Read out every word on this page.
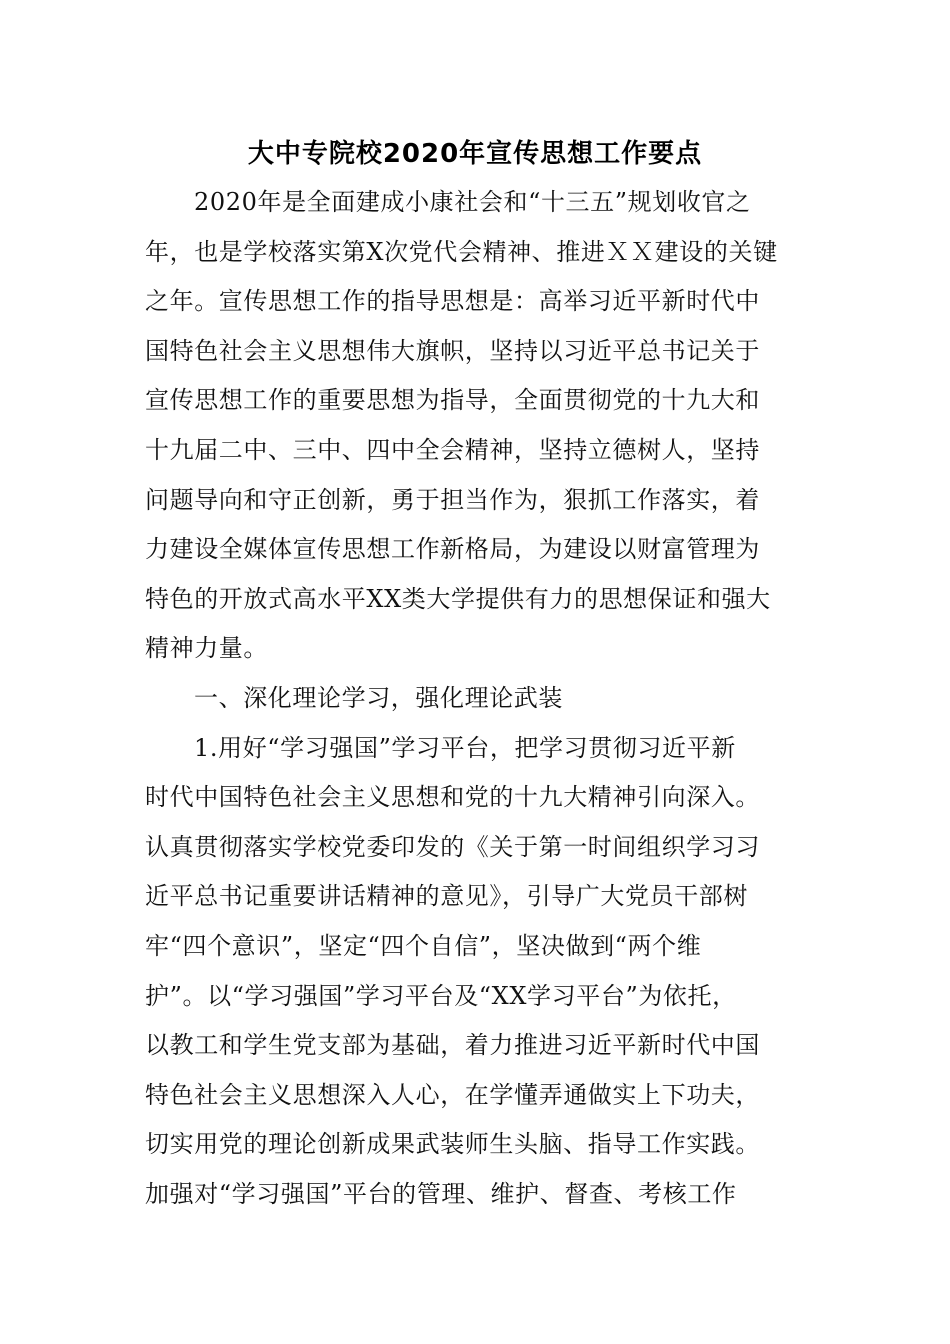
大中专院校2020年宣传思想工作要点
2020年是全面建成小康社会和“十三五”规划收官之
年，也是学校落实第Ⅹ次党代会精神、推进ＸＸ建设的关键
之年。宣传思想工作的指导思想是：高举习近平新时代中
国特色社会主义思想伟大旗帜，坚持以习近平总书记关于
宣传思想工作的重要思想为指导，全面贯彻党的十九大和
十九届二中、三中、四中全会精神，坚持立德树人，坚持
问题导向和守正创新，勇于担当作为，狠抓工作落实，着
力建设全媒体宣传思想工作新格局，为建设以财富管理为
特色的开放式高水平XX类大学提供有力的思想保证和强大
精神力量。
一、深化理论学习，强化理论武装
1.用好“学习强国”学习平台，把学习贯彻习近平新
时代中国特色社会主义思想和党的十九大精神引向深入。
认真贯彻落实学校党委印发的《关于第一时间组织学习习
近平总书记重要讲话精神的意见》，引导广大党员干部树
牢“四个意识”，坚定“四个自信”，坚决做到“两个维
护”。以“学习强国”学习平台及“XX学习平台”为依托，
以教工和学生党支部为基础，着力推进习近平新时代中国
特色社会主义思想深入人心，在学懂弄通做实上下功夫，
切实用党的理论创新成果武装师生头脑、指导工作实践。
加强对“学习强国”平台的管理、维护、督查、考核工作
